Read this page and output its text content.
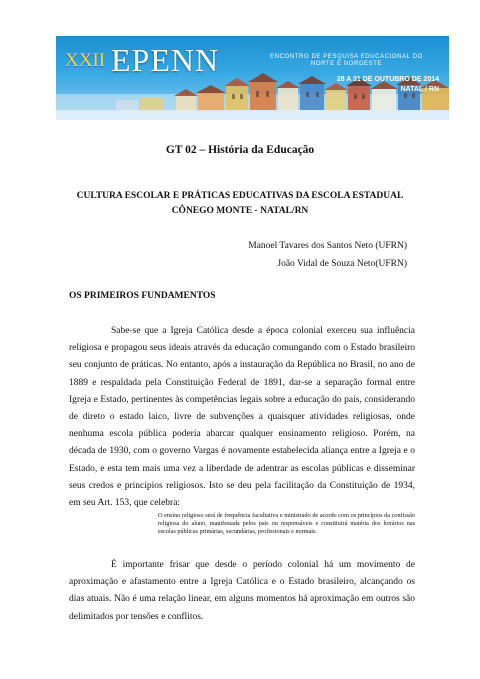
XXII EPENN	ENCONTRO DE PESQUISA EDUCACIONAL DO NORTE E NORDESTE
28 A 31 DE OUTUBRO DE 2014
NATAL / RN
GT 02 – História da Educação
CULTURA ESCOLAR E PRÁTICAS EDUCATIVAS DA ESCOLA ESTADUAL
CÔNEGO MONTE - NATAL/RN
Manoel Tavares dos Santos Neto (UFRN)
João Vidal de Souza Neto(UFRN)
OS PRIMEIROS FUNDAMENTOS
Sabe-se que a Igreja Católica desde a época colonial exerceu sua influência religiosa e propagou seus ideais através da educação comungando com o Estado brasileiro seu conjunto de práticas. No entanto, após a instauração da República no Brasil, no ano de 1889 e respaldada pela Constituição Federal de 1891, dar-se a separação formal entre Igreja e Estado, pertinentes às competências legais sobre a educação do país, considerando de direto o estado laico, livre de subvenções a quaisquer atividades religiosas, onde nenhuma escola pública poderia abarcar qualquer ensinamento religioso. Porém, na década de 1930, com o governo Vargas é novamente estabelecida aliança entre a Igreja e o Estado, e esta tem mais uma vez a liberdade de adentrar as escolas públicas e disseminar seus credos e princípios religiosos. Isto se deu pela facilitação da Constituição de 1934, em seu Art. 153, que celebra:
O ensino religioso será de frequência facultativa e ministrado de acordo com os princípios da confissão religiosa do aluno, manifestada pelos pais ou responsáveis e constituirá matéria dos horários nas escolas públicas primárias, secundárias, profissionais e normais.
É importante frisar que desde o período colonial há um movimento de aproximação e afastamento entre a Igreja Católica e o Estado brasileiro, alcançando os dias atuais. Não é uma relação linear, em alguns momentos há aproximação em outros são delimitados por tensões e conflitos.
